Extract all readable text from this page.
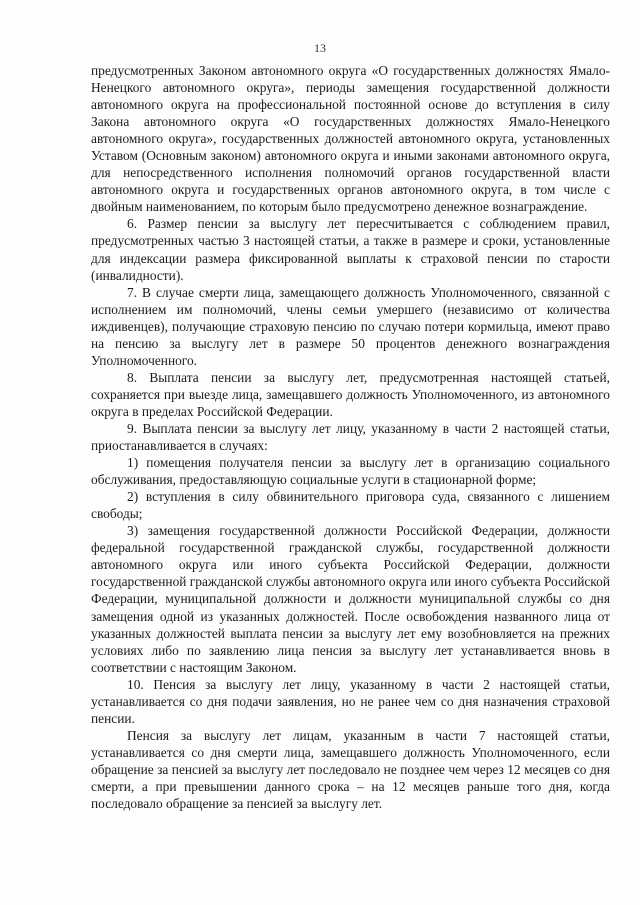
13

предусмотренных Законом автономного округа «О государственных должностях Ямало-Ненецкого автономного округа», периоды замещения государственной должности автономного округа на профессиональной постоянной основе до вступления в силу Закона автономного округа «О государственных должностях Ямало-Ненецкого автономного округа», государственных должностей автономного округа, установленных Уставом (Основным законом) автономного округа и иными законами автономного округа, для непосредственного исполнения полномочий органов государственной власти автономного округа и государственных органов автономного округа, в том числе с двойным наименованием, по которым было предусмотрено денежное вознаграждение.

6. Размер пенсии за выслугу лет пересчитывается с соблюдением правил, предусмотренных частью 3 настоящей статьи, а также в размере и сроки, установленные для индексации размера фиксированной выплаты к страховой пенсии по старости (инвалидности).

7. В случае смерти лица, замещающего должность Уполномоченного, связанной с исполнением им полномочий, члены семьи умершего (независимо от количества иждивенцев), получающие страховую пенсию по случаю потери кормильца, имеют право на пенсию за выслугу лет в размере 50 процентов денежного вознаграждения Уполномоченного.

8. Выплата пенсии за выслугу лет, предусмотренная настоящей статьей, сохраняется при выезде лица, замещавшего должность Уполномоченного, из автономного округа в пределах Российской Федерации.

9. Выплата пенсии за выслугу лет лицу, указанному в части 2 настоящей статьи, приостанавливается в случаях:

1) помещения получателя пенсии за выслугу лет в организацию социального обслуживания, предоставляющую социальные услуги в стационарной форме;

2) вступления в силу обвинительного приговора суда, связанного с лишением свободы;

3) замещения государственной должности Российской Федерации, должности федеральной государственной гражданской службы, государственной должности автономного округа или иного субъекта Российской Федерации, должности государственной гражданской службы автономного округа или иного субъекта Российской Федерации, муниципальной должности и должности муниципальной службы со дня замещения одной из указанных должностей. После освобождения названного лица от указанных должностей выплата пенсии за выслугу лет ему возобновляется на прежних условиях либо по заявлению лица пенсия за выслугу лет устанавливается вновь в соответствии с настоящим Законом.

10. Пенсия за выслугу лет лицу, указанному в части 2 настоящей статьи, устанавливается со дня подачи заявления, но не ранее чем со дня назначения страховой пенсии.

Пенсия за выслугу лет лицам, указанным в части 7 настоящей статьи, устанавливается со дня смерти лица, замещавшего должность Уполномоченного, если обращение за пенсией за выслугу лет последовало не позднее чем через 12 месяцев со дня смерти, а при превышении данного срока – на 12 месяцев раньше того дня, когда последовало обращение за пенсией за выслугу лет.
